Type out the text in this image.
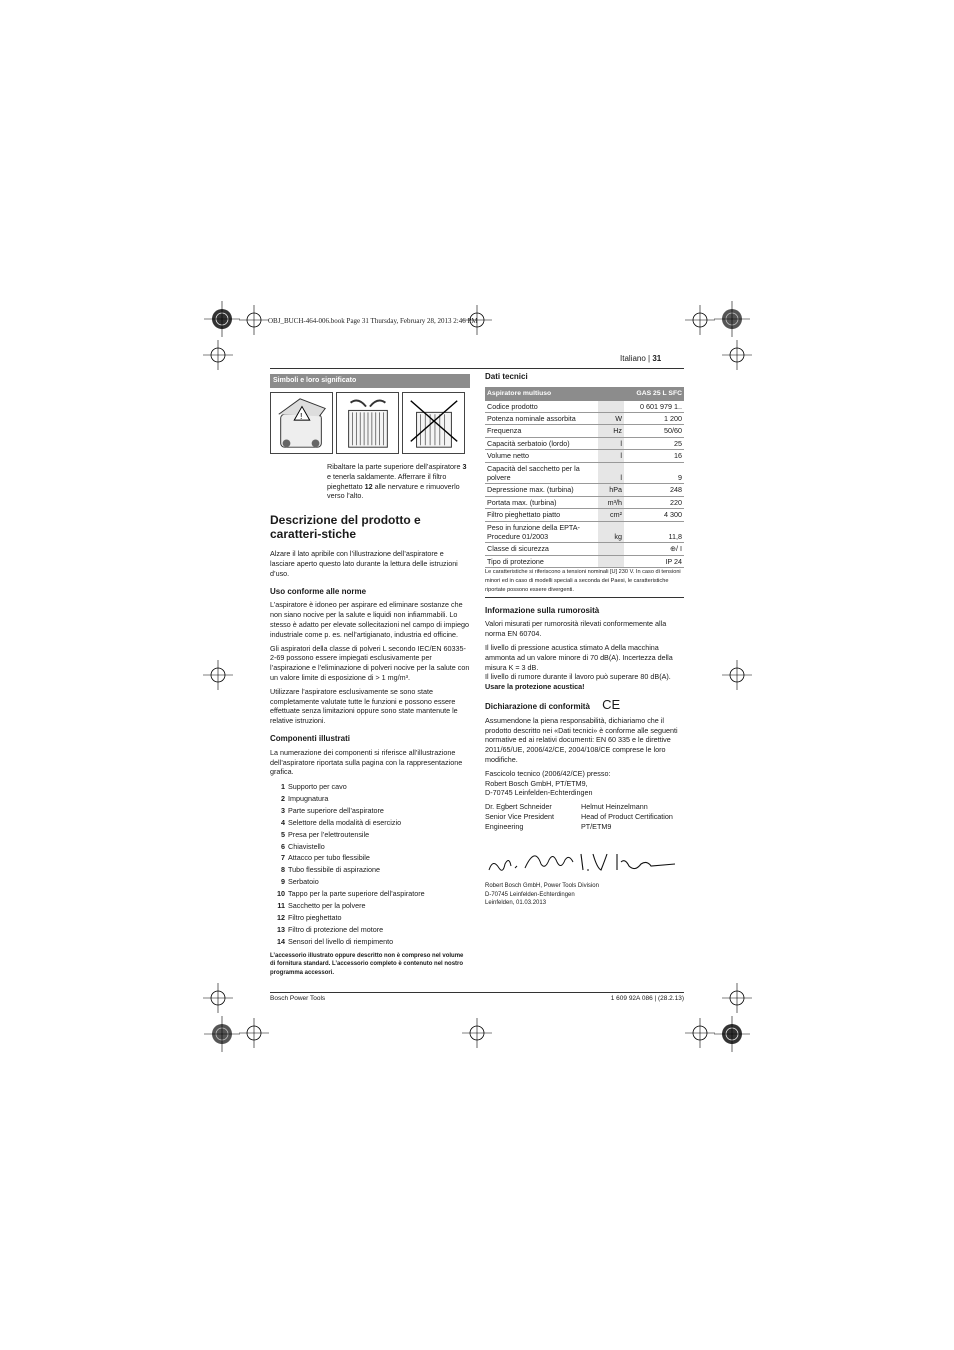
OBJ_BUCH-464-006.book Page 31 Thursday, February 28, 2013 2:46 PM
Italiano | 31
Simboli e loro significato
!
Ribaltare la parte superiore dell’aspiratore 3 e tenerla saldamente. Afferrare il filtro pieghettato 12 alle nervature e rimuoverlo verso l’alto.
Descrizione del prodotto e caratteri-stiche

Alzare il lato apribile con l’illustrazione dell’aspiratore e lasciare aperto questo lato durante la lettura delle istruzioni d’uso.

Uso conforme alle norme

L’aspiratore è idoneo per aspirare ed eliminare sostanze che non siano nocive per la salute e liquidi non infiammabili. Lo stesso è adatto per elevate sollecitazioni nel campo di impiego industriale come p. es. nell’artigianato, industria ed officine.

Gli aspiratori della classe di polveri L secondo IEC/EN 60335-2-69 possono essere impiegati esclusivamente per l’aspirazione e l’eliminazione di polveri nocive per la salute con un valore limite di esposizione di > 1 mg/m³.

Utilizzare l’aspiratore esclusivamente se sono state completamente valutate tutte le funzioni e possono essere effettuate senza limitazioni oppure sono state mantenute le relative istruzioni.

Componenti illustrati

La numerazione dei componenti si riferisce all’illustrazione dell’aspiratore riportata sulla pagina con la rappresentazione grafica.

1 Supporto per cavo
2 Impugnatura
3 Parte superiore dell’aspiratore
4 Selettore della modalità di esercizio
5 Presa per l’elettroutensile
6 Chiavistello
7 Attacco per tubo flessibile
8 Tubo flessibile di aspirazione
9 Serbatoio
10 Tappo per la parte superiore dell’aspiratore
11 Sacchetto per la polvere
12 Filtro pieghettato
13 Filtro di protezione del motore
14 Sensori del livello di riempimento

L’accessorio illustrato oppure descritto non è compreso nel volume di fornitura standard. L’accessorio completo è contenuto nel nostro programma accessori.

Dati tecnici
Aspiratore multiuso		GAS 25 L SFC
Codice prodotto		0 601 979 1..
Potenza nominale assorbita	W	1 200
Frequenza	Hz	50/60
Capacità serbatoio (lordo)	l	25
Volume netto	l	16
Capacità del sacchetto per la polvere	l	9
Depressione max. (turbina)	hPa	248
Portata max. (turbina)	m³/h	220
Filtro pieghettato piatto	cm²	4 300
Peso in funzione della EPTA-Procedure 01/2003	kg	11,8
Classe di sicurezza		⊕/ I
Tipo di protezione		IP 24
Le caratteristiche si riferiscono a tensioni nominali [U] 230 V. In caso di tensioni minori ed in caso di modelli speciali a seconda dei Paesi, le caratteristiche riportate possono essere divergenti.
Informazione sulla rumorosità

Valori misurati per rumorosità rilevati conformemente alla norma EN 60704.

Il livello di pressione acustica stimato A della macchina ammonta ad un valore minore di 70 dB(A). Incertezza della misura K = 3 dB.

Il livello di rumore durante il lavoro può superare 80 dB(A).

Usare la protezione acustica!

Dichiarazione di conformità CE

Assumendone la piena responsabilità, dichiariamo che il prodotto descritto nei «Dati tecnici» è conforme alle seguenti normative ed ai relativi documenti: EN 60 335 e le direttive 2011/65/UE, 2006/42/CE, 2004/108/CE comprese le loro modifiche.

Fascicolo tecnico (2006/42/CE) presso:
Robert Bosch GmbH, PT/ETM9,
D-70745 Leinfelden-Echterdingen

Dr. Egbert Schneider
Senior Vice President
Engineering
Helmut Heinzelmann
Head of Product Certification
PT/ETM9
Robert Bosch GmbH, Power Tools Division
D-70745 Leinfelden-Echterdingen
Leinfelden, 01.03.2013
Bosch Power Tools	1 609 92A 086 | (28.2.13)
